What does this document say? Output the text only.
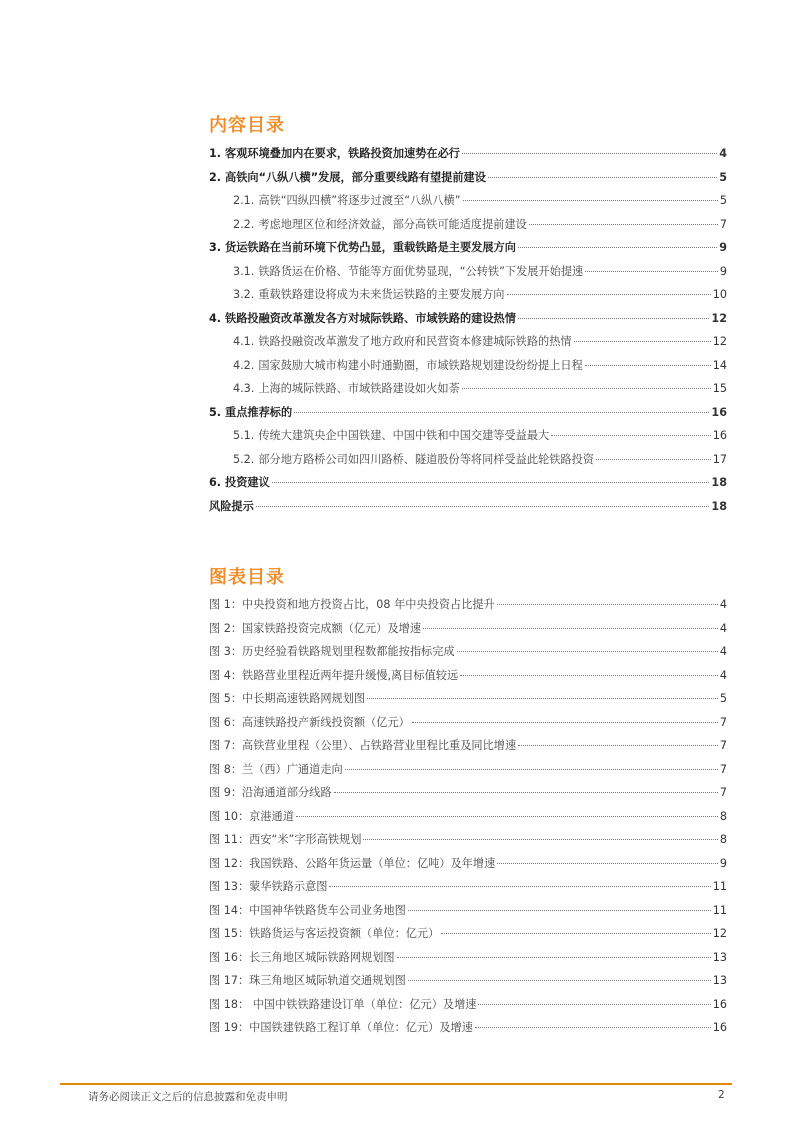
内容目录
1. 客观环境叠加内在要求，铁路投资加速势在必行	4
2. 高铁向“八纵八横”发展，部分重要线路有望提前建设	5
2.1. 高铁“四纵四横”将逐步过渡至“八纵八横”	5
2.2. 考虑地理区位和经济效益，部分高铁可能适度提前建设	7
3. 货运铁路在当前环境下优势凸显，重载铁路是主要发展方向	9
3.1. 铁路货运在价格、节能等方面优势显现，“公转铁”下发展开始提速	9
3.2. 重载铁路建设将成为未来货运铁路的主要发展方向	10
4. 铁路投融资改革激发各方对城际铁路、市域铁路的建设热情	12
4.1. 铁路投融资改革激发了地方政府和民营资本修建城际铁路的热情	12
4.2. 国家鼓励大城市构建小时通勤圈，市域铁路规划建设纷纷提上日程	14
4.3. 上海的城际铁路、市域铁路建设如火如荼	15
5. 重点推荐标的	16
5.1. 传统大建筑央企中国铁建、中国中铁和中国交建等受益最大	16
5.2. 部分地方路桥公司如四川路桥、隧道股份等将同样受益此轮铁路投资	17
6. 投资建议	18
风险提示	18
图表目录
图 1：中央投资和地方投资占比，08 年中央投资占比提升	4
图 2：国家铁路投资完成额（亿元）及增速	4
图 3：历史经验看铁路规划里程数都能按指标完成	4
图 4：铁路营业里程近两年提升缓慢,离目标值较远	4
图 5：中长期高速铁路网规划图	5
图 6：高速铁路投产新线投资额（亿元）	7
图 7：高铁营业里程（公里）、占铁路营业里程比重及同比增速	7
图 8：兰（西）广通道走向	7
图 9：沿海通道部分线路	7
图 10：京港通道	8
图 11：西安“米”字形高铁规划	8
图 12：我国铁路、公路年货运量（单位：亿吨）及年增速	9
图 13：蒙华铁路示意图	11
图 14：中国神华铁路货车公司业务地图	11
图 15：铁路货运与客运投资额（单位：亿元）	12
图 16：长三角地区城际铁路网规划图	13
图 17：珠三角地区城际轨道交通规划图	13
图 18： 中国中铁铁路建设订单（单位：亿元）及增速	16
图 19：中国铁建铁路工程订单（单位：亿元）及增速	16
请务必阅读正文之后的信息披露和免责申明	2
